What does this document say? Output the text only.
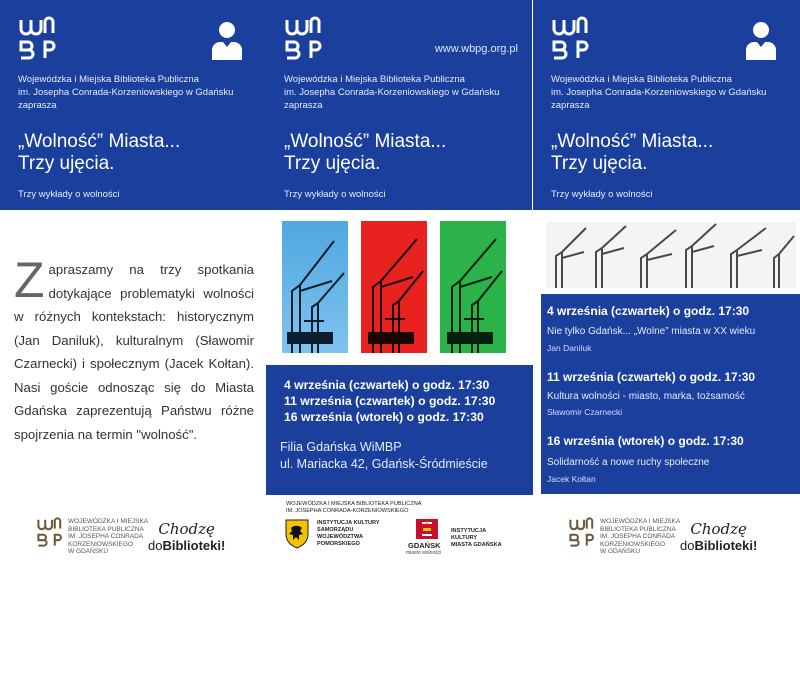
Wojewódzka i Miejska Biblioteka Publiczna
im. Josepha Conrada-Korzeniowskiego w Gdańsku
zaprasza
„Wolność” Miasta...
Trzy ujęcia.
Trzy wykłady o wolności
Zapraszamy na trzy spotkania dotykające problematyki wolności w różnych kontekstach: historycznym (Jan Daniluk), kulturalnym (Sławomir Czarnecki) i społecznym (Jacek Kołtan). Nasi goście odnosząc się do Miasta Gdańska zaprezentują Państwu różne spojrzenia na termin "wolność".
WOJEWÓDZKA I MIEJSKA
BIBLIOTEKA PUBLICZNA
IM. JOSEPHA CONRADA
KORZENIOWSKIEGO
W GDAŃSKU
Chodzę
doBiblioteki!
www.wbpg.org.pl
Wojewódzka i Miejska Biblioteka Publiczna
im. Josepha Conrada-Korzeniowskiego w Gdańsku
zaprasza
„Wolność” Miasta...
Trzy ujęcia.
Trzy wykłady o wolności
4 września (czwartek) o godz. 17:30
11 września (czwartek) o godz. 17:30
16 września (wtorek) o godz. 17:30
Filia Gdańska WiMBP
ul. Mariacka 42, Gdańsk-Śródmieście
WOJEWÓDZKA I MIEJSKA BIBLIOTEKA PUBLICZNA
IM. JOSEPHA CONRADA-KORZENIOWSKIEGO
INSTYTUCJA KULTURY
SAMORZĄDU
WOJEWÓDZTWA
POMORSKIEGO	GDAŃSK
miasto wolności
INSTYTUCJA
KULTURY
MIASTA GDAŃSKA
Wojewódzka i Miejska Biblioteka Publiczna
im. Josepha Conrada-Korzeniowskiego w Gdańsku
zaprasza
„Wolność” Miasta...
Trzy ujęcia.
Trzy wykłady o wolności
4 września (czwartek) o godz. 17:30
Nie tylko Gdańsk... „Wolne” miasta w XX wieku
Jan Daniluk
11 września (czwartek) o godz. 17:30
Kultura wolności - miasto, marka, tożsamość
Sławomir Czarnecki
16 września (wtorek) o godz. 17:30
Solidarność a nowe ruchy społeczne
Jacek Kołtan
WOJEWÓDZKA I MIEJSKA
BIBLIOTEKA PUBLICZNA
IM. JOSEPHA CONRADA
KORZENIOWSKIEGO
W GDAŃSKU
Chodzę
doBiblioteki!
